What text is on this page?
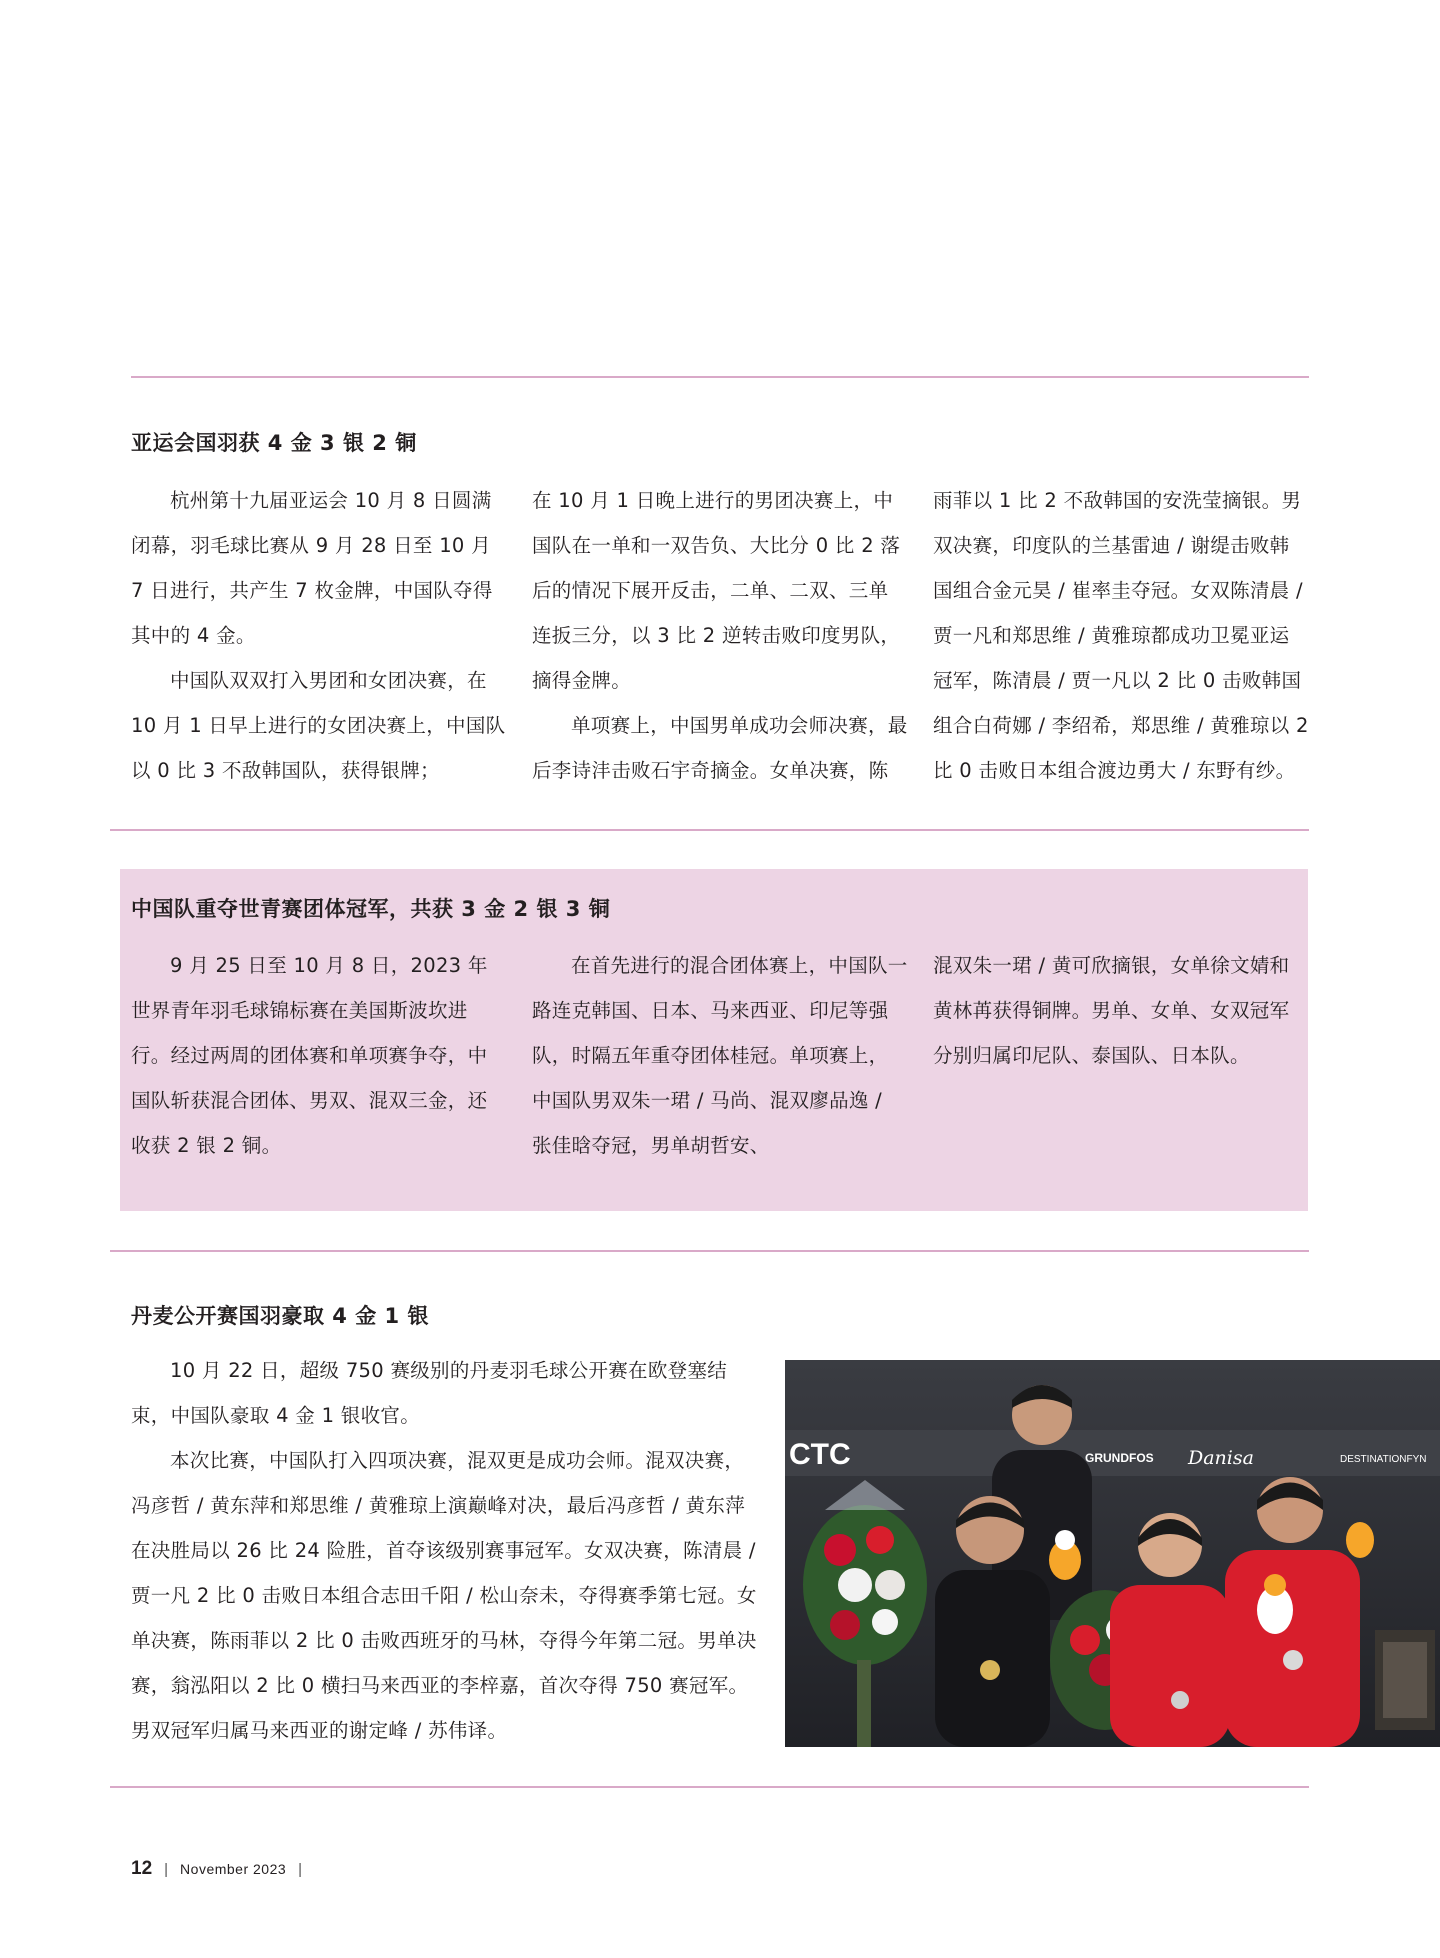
亚运会国羽获 4 金 3 银 2 铜

杭州第十九届亚运会 10 月 8 日圆满闭幕，羽毛球比赛从 9 月 28 日至 10 月 7 日进行，共产生 7 枚金牌，中国队夺得其中的 4 金。

中国队双双打入男团和女团决赛，在 10 月 1 日早上进行的女团决赛上，中国队以 0 比 3 不敌韩国队，获得银牌；

在 10 月 1 日晚上进行的男团决赛上，中国队在一单和一双告负、大比分 0 比 2 落后的情况下展开反击，二单、二双、三单连扳三分，以 3 比 2 逆转击败印度男队，摘得金牌。

单项赛上，中国男单成功会师决赛，最后李诗沣击败石宇奇摘金。女单决赛，陈

雨菲以 1 比 2 不敌韩国的安洗莹摘银。男双决赛，印度队的兰基雷迪 / 谢缇击败韩国组合金元昊 / 崔率圭夺冠。女双陈清晨 / 贾一凡和郑思维 / 黄雅琼都成功卫冕亚运冠军，陈清晨 / 贾一凡以 2 比 0 击败韩国组合白荷娜 / 李绍希，郑思维 / 黄雅琼以 2 比 0 击败日本组合渡边勇大 / 东野有纱。

中国队重夺世青赛团体冠军，共获 3 金 2 银 3 铜

9 月 25 日至 10 月 8 日，2023 年世界青年羽毛球锦标赛在美国斯波坎进行。经过两周的团体赛和单项赛争夺，中国队斩获混合团体、男双、混双三金，还收获 2 银 2 铜。

在首先进行的混合团体赛上，中国队一路连克韩国、日本、马来西亚、印尼等强队，时隔五年重夺团体桂冠。单项赛上，中国队男双朱一珺 / 马尚、混双廖品逸 / 张佳晗夺冠，男单胡哲安、

混双朱一珺 / 黄可欣摘银，女单徐文婧和黄林苒获得铜牌。男单、女单、女双冠军分别归属印尼队、泰国队、日本队。

丹麦公开赛国羽豪取 4 金 1 银

10 月 22 日，超级 750 赛级别的丹麦羽毛球公开赛在欧登塞结束，中国队豪取 4 金 1 银收官。

本次比赛，中国队打入四项决赛，混双更是成功会师。混双决赛，冯彦哲 / 黄东萍和郑思维 / 黄雅琼上演巅峰对决，最后冯彦哲 / 黄东萍在决胜局以 26 比 24 险胜，首夺该级别赛事冠军。女双决赛，陈清晨 / 贾一凡 2 比 0 击败日本组合志田千阳 / 松山奈未，夺得赛季第七冠。女单决赛，陈雨菲以 2 比 0 击败西班牙的马林，夺得今年第二冠。男单决赛，翁泓阳以 2 比 0 横扫马来西亚的李梓嘉，首次夺得 750 赛冠军。男双冠军归属马来西亚的谢定峰 / 苏伟译。

CTC	GRUNDFOS Danisa	DESTINATIONFYN
12 | November 2023 |
